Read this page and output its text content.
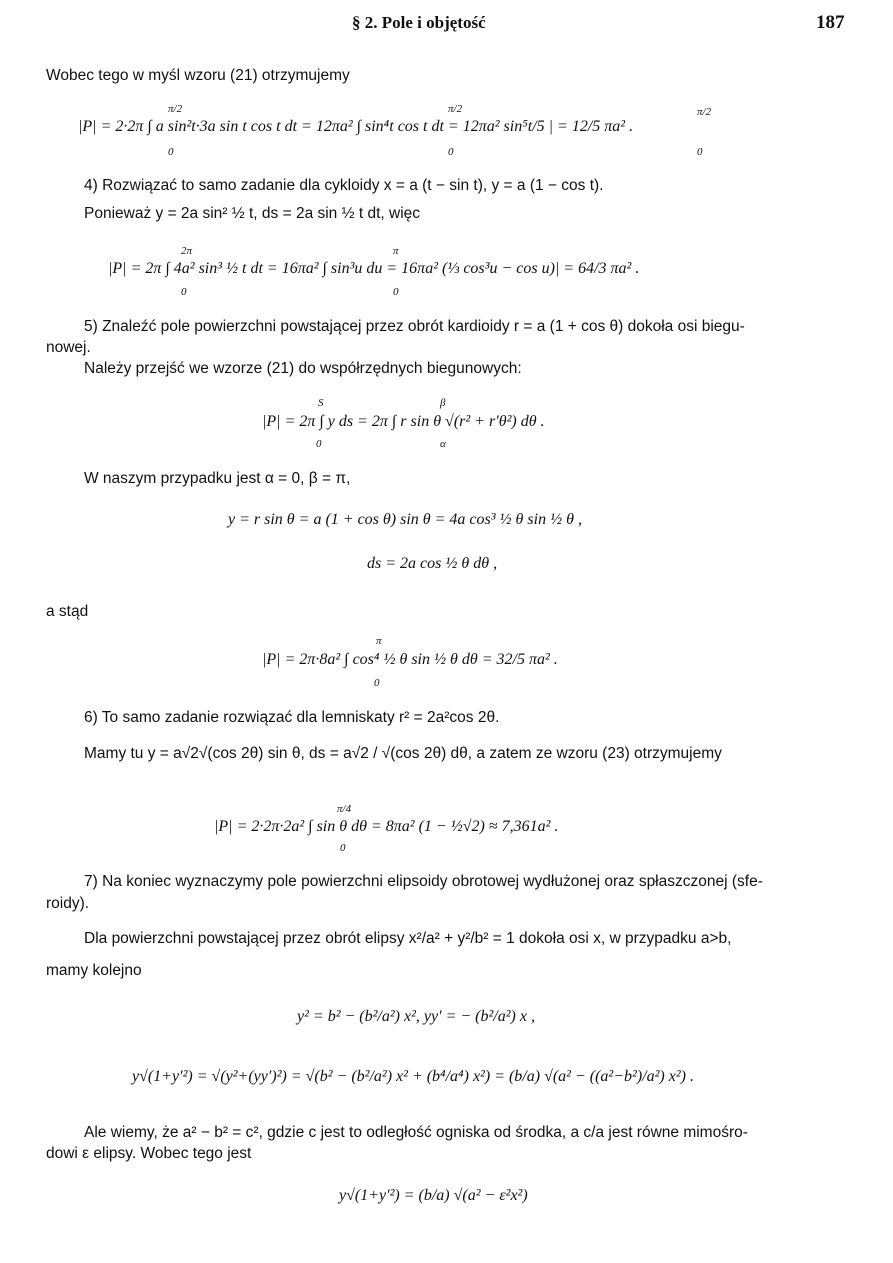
§ 2. Pole i objętość	187
Wobec tego w myśl wzoru (21) otrzymujemy
π/2	π/2	π/2
|P| = 2·2π ∫ a sin²t·3a sin t cos t dt = 12πa² ∫ sin⁴t cos t dt = 12πa² sin⁵t/5 | = 12/5 πa² .
0	0	0
4) Rozwiązać to samo zadanie dla cykloidy x = a (t − sin t), y = a (1 − cos t).
Ponieważ y = 2a sin² ½ t, ds = 2a sin ½ t dt, więc
2π	π
|P| = 2π ∫ 4a² sin³ ½ t dt = 16πa² ∫ sin³u du = 16πa² (⅓ cos³u − cos u)| = 64/3 πa² .
0	0
5) Znaleźć pole powierzchni powstającej przez obrót kardioidy r = a (1 + cos θ) dokoła osi biegu-
nowej.
Należy przejść we wzorze (21) do współrzędnych biegunowych:
S	β
|P| = 2π ∫ y ds = 2π ∫ r sin θ √(r² + r′θ²) dθ .
0	α
W naszym przypadku jest α = 0, β = π,
y = r sin θ = a (1 + cos θ) sin θ = 4a cos³ ½ θ sin ½ θ ,
ds = 2a cos ½ θ dθ ,
a stąd
π
|P| = 2π·8a² ∫ cos⁴ ½ θ sin ½ θ dθ = 32/5 πa² .
0
6) To samo zadanie rozwiązać dla lemniskaty r² = 2a²cos 2θ.
Mamy tu y = a√2√(cos 2θ) sin θ, ds = a√2 / √(cos 2θ) dθ, a zatem ze wzoru (23) otrzymujemy
π/4
|P| = 2·2π·2a² ∫ sin θ dθ = 8πa² (1 − ½√2) ≈ 7,361a² .
0
7) Na koniec wyznaczymy pole powierzchni elipsoidy obrotowej wydłużonej oraz spłaszczonej (sfe-
roidy).
Dla powierzchni powstającej przez obrót elipsy x²/a² + y²/b² = 1 dokoła osi x, w przypadku a>b,
mamy kolejno
y² = b² − (b²/a²) x², yy′ = − (b²/a²) x ,
y√(1+y′²) = √(y²+(yy′)²) = √(b² − (b²/a²) x² + (b⁴/a⁴) x²) = (b/a) √(a² − ((a²−b²)/a²) x²) .
Ale wiemy, że a² − b² = c², gdzie c jest to odległość ogniska od środka, a c/a jest równe mimośro-
dowi ε elipsy. Wobec tego jest
y√(1+y′²) = (b/a) √(a² − ε²x²)
